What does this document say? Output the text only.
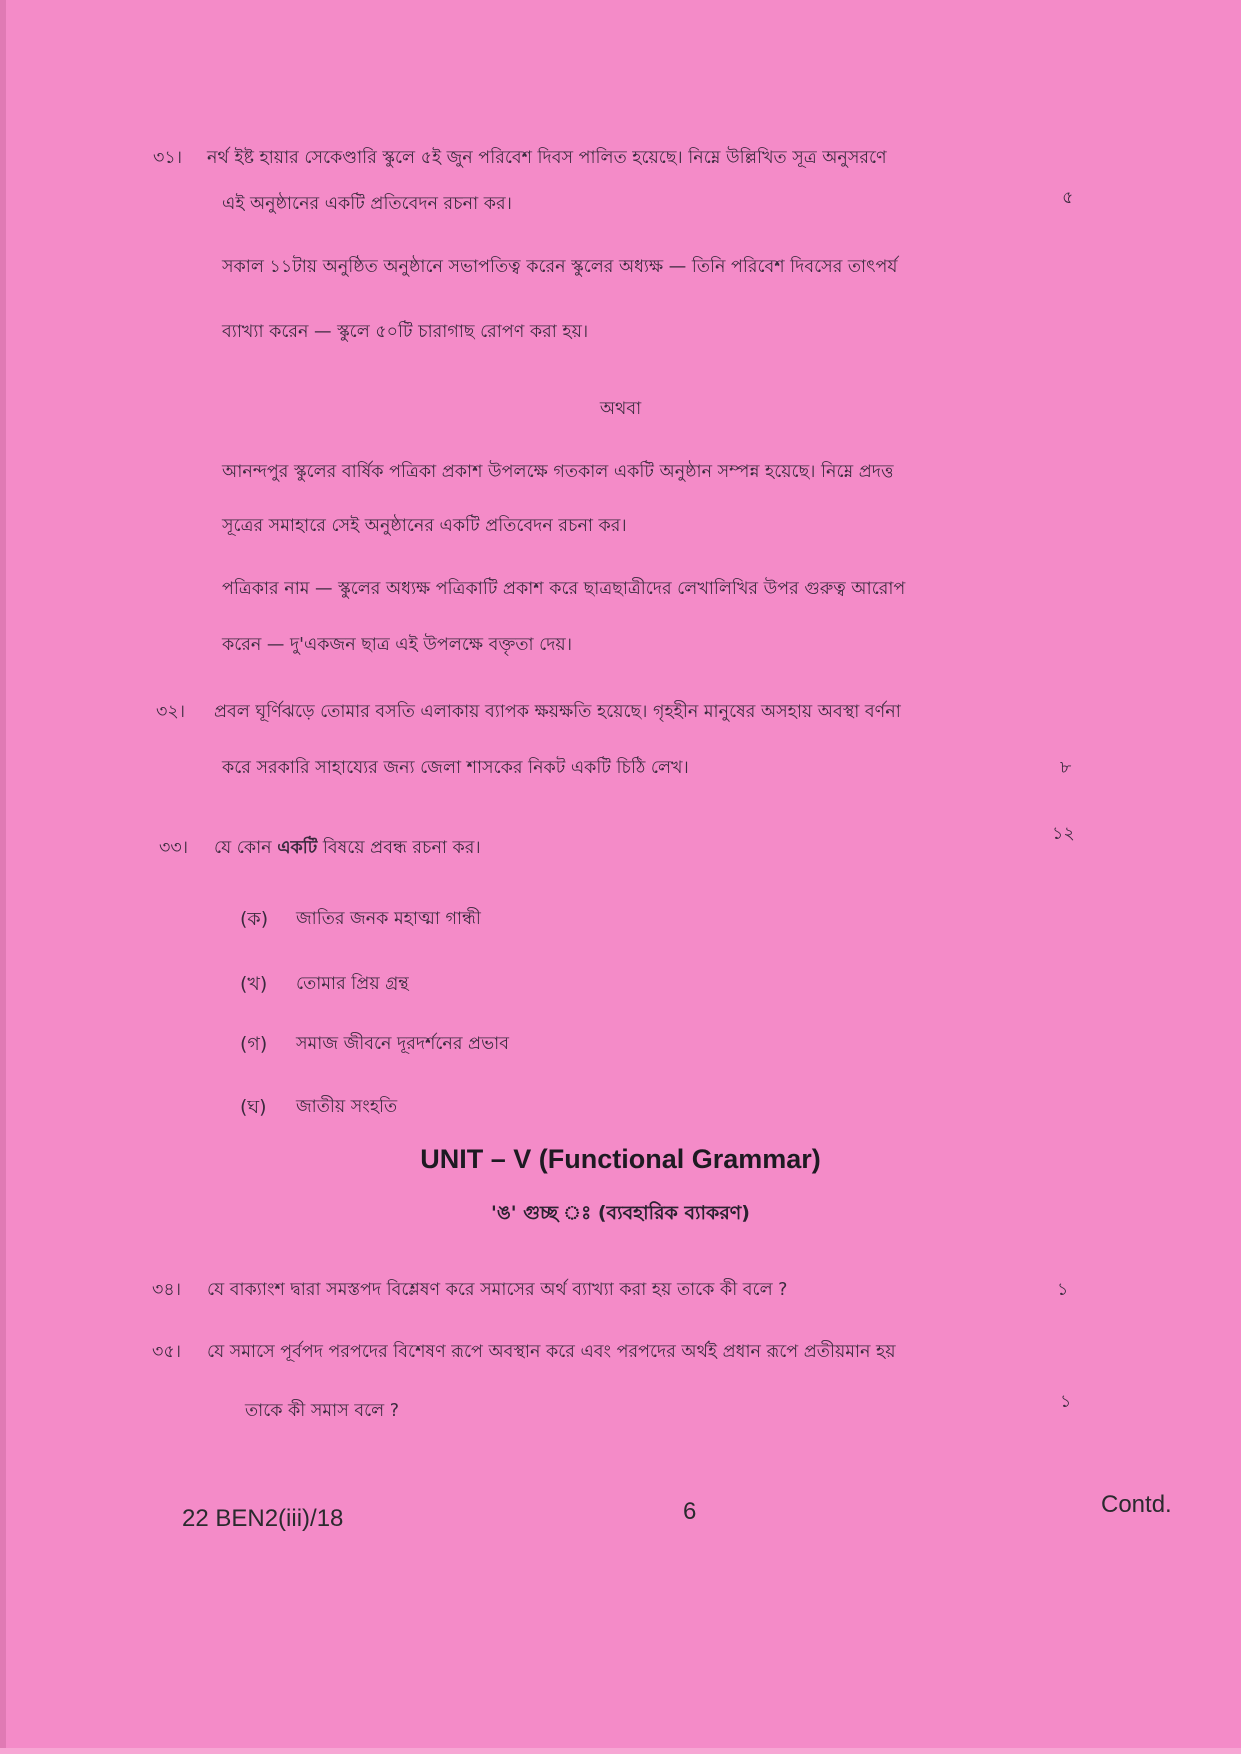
৩১। নর্থ ইষ্ট হায়ার সেকেণ্ডারি স্কুলে ৫ই জুন পরিবেশ দিবস পালিত হয়েছে। নিম্নে উল্লিখিত সূত্র অনুসরণে
এই অনুষ্ঠানের একটি প্রতিবেদন রচনা কর।	৫
সকাল ১১টায় অনুষ্ঠিত অনুষ্ঠানে সভাপতিত্ব করেন স্কুলের অধ্যক্ষ — তিনি পরিবেশ দিবসের তাৎপর্য
ব্যাখ্যা করেন — স্কুলে ৫০টি চারাগাছ রোপণ করা হয়।
অথবা
আনন্দপুর স্কুলের বার্ষিক পত্রিকা প্রকাশ উপলক্ষে গতকাল একটি অনুষ্ঠান সম্পন্ন হয়েছে। নিম্নে প্রদত্ত
সূত্রের সমাহারে সেই অনুষ্ঠানের একটি প্রতিবেদন রচনা কর।
পত্রিকার নাম — স্কুলের অধ্যক্ষ পত্রিকাটি প্রকাশ করে ছাত্রছাত্রীদের লেখালিখির উপর গুরুত্ব আরোপ
করেন — দু'একজন ছাত্র এই উপলক্ষে বক্তৃতা দেয়।
৩২। প্রবল ঘূর্ণিঝড়ে তোমার বসতি এলাকায় ব্যাপক ক্ষয়ক্ষতি হয়েছে। গৃহহীন মানুষের অসহায় অবস্থা বর্ণনা
করে সরকারি সাহায্যের জন্য জেলা শাসকের নিকট একটি চিঠি লেখ।	৮
৩৩। যে কোন একটি বিষয়ে প্রবন্ধ রচনা কর।
১২
(ক) জাতির জনক মহাত্মা গান্ধী
(খ) তোমার প্রিয় গ্রন্থ
(গ) সমাজ জীবনে দূরদর্শনের প্রভাব
(ঘ) জাতীয় সংহতি
UNIT – V (Functional Grammar)
'ঙ' গুচ্ছ ঃ (ব্যবহারিক ব্যাকরণ)
৩৪। যে বাক্যাংশ দ্বারা সমস্তপদ বিশ্লেষণ করে সমাসের অর্থ ব্যাখ্যা করা হয় তাকে কী বলে ?	১
৩৫। যে সমাসে পূর্বপদ পরপদের বিশেষণ রূপে অবস্থান করে এবং পরপদের অর্থই প্রধান রূপে প্রতীয়মান হয়
তাকে কী সমাস বলে ?	১
22 BEN2(iii)/18	6	Contd.
